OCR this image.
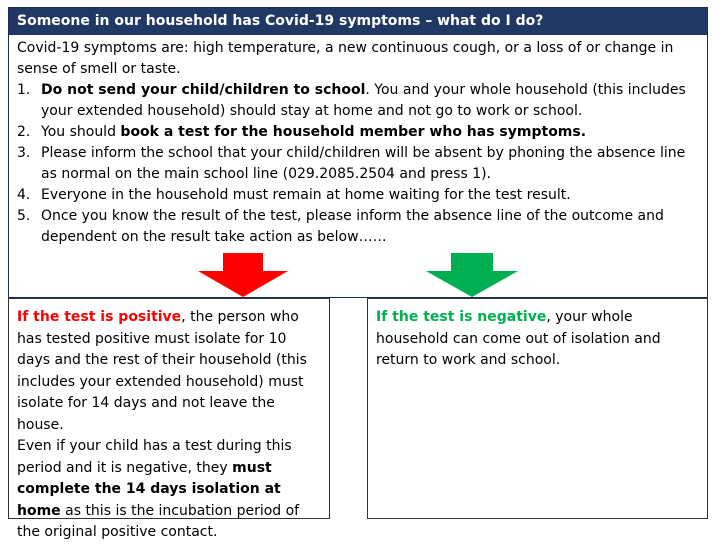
Someone in our household has Covid-19 symptoms – what do I do?
Covid-19 symptoms are: high temperature, a new continuous cough, or a loss of or change in sense of smell or taste.
1. Do not send your child/children to school. You and your whole household (this includes your extended household) should stay at home and not go to work or school.
2. You should book a test for the household member who has symptoms.
3. Please inform the school that your child/children will be absent by phoning the absence line as normal on the main school line (029.2085.2504 and press 1).
4. Everyone in the household must remain at home waiting for the test result.
5. Once you know the result of the test, please inform the absence line of the outcome and dependent on the result take action as below……
If the test is positive, the person who has tested positive must isolate for 10 days and the rest of their household (this includes your extended household) must isolate for 14 days and not leave the house.
Even if your child has a test during this period and it is negative, they must complete the 14 days isolation at home as this is the incubation period of the original positive contact.
If the test is negative, your whole household can come out of isolation and return to work and school.
